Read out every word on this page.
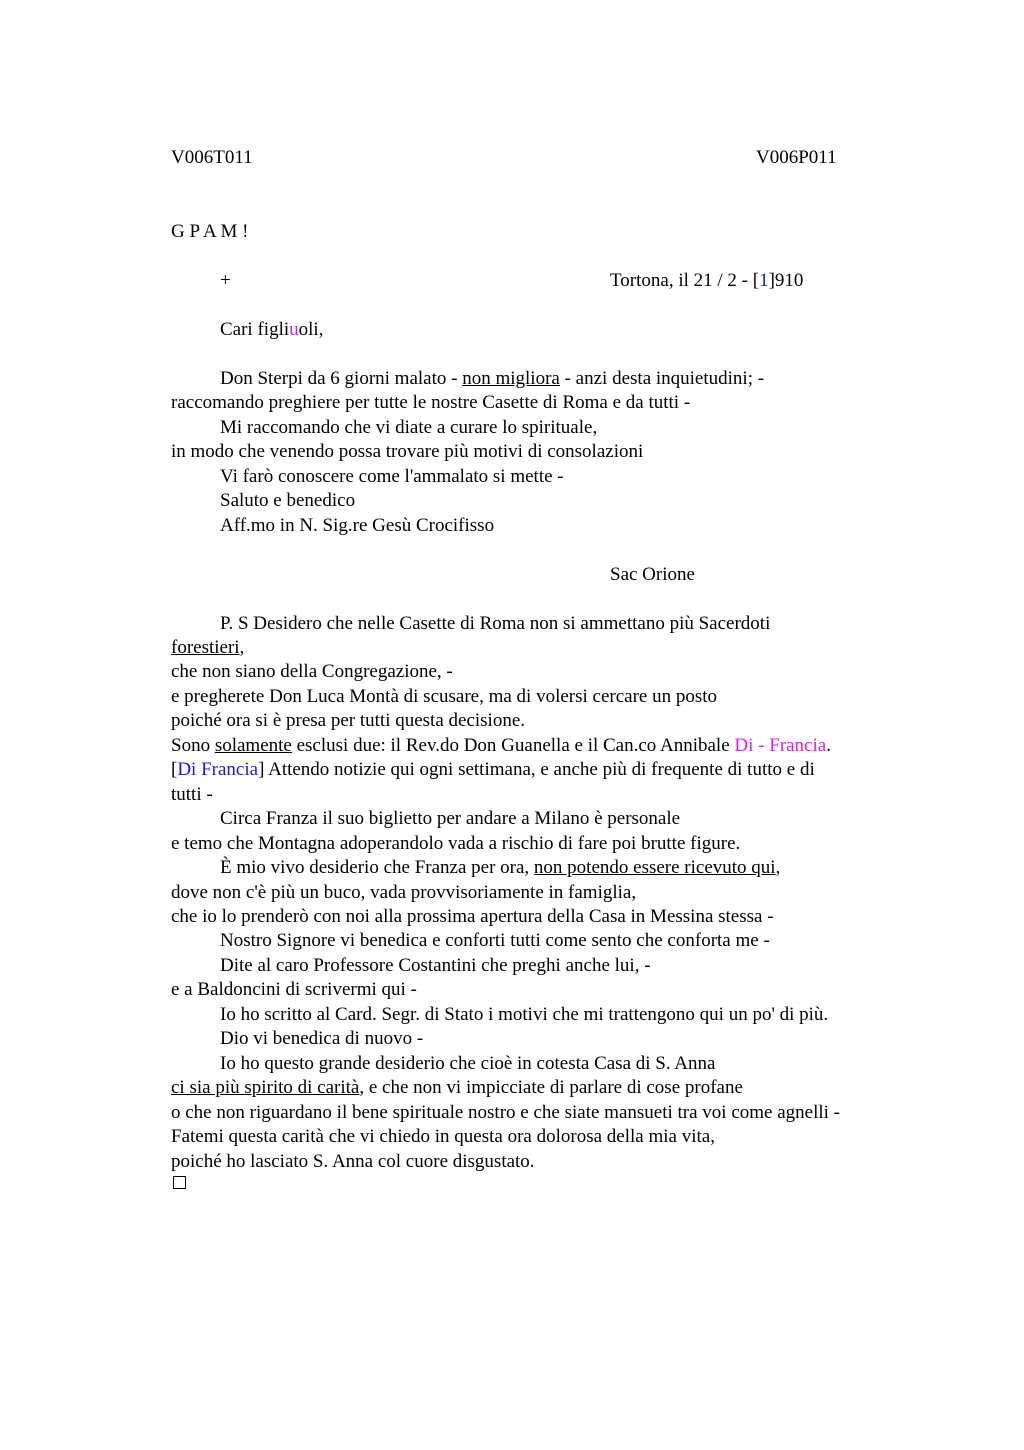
V006T011	V006P011
G P A M !
+	Tortona, il 21 / 2 - [1]910
Cari figliuoli,
Don Sterpi da 6 giorni malato - non migliora - anzi desta inquietudini; -
raccomando preghiere per tutte le nostre Casette di Roma e da tutti -
Mi raccomando che vi diate a curare lo spirituale,
in modo che venendo possa trovare più motivi di consolazioni
Vi farò conoscere come l'ammalato si mette -
Saluto e benedico
Aff.mo in N. Sig.re Gesù Crocifisso
Sac Orione
P. S Desidero che nelle Casette di Roma non si ammettano più Sacerdoti
forestieri,
che non siano della Congregazione, -
e pregherete Don Luca Montà di scusare, ma di volersi cercare un posto
poiché ora si è presa per tutti questa decisione.
Sono solamente esclusi due: il Rev.do Don Guanella e il Can.co Annibale Di - Francia.
[Di Francia] Attendo notizie qui ogni settimana, e anche più di frequente di tutto e di
tutti -
Circa Franza il suo biglietto per andare a Milano è personale
e temo che Montagna adoperandolo vada a rischio di fare poi brutte figure.
È mio vivo desiderio che Franza per ora, non potendo essere ricevuto qui,
dove non c'è più un buco, vada provvisoriamente in famiglia,
che io lo prenderò con noi alla prossima apertura della Casa in Messina stessa -
Nostro Signore vi benedica e conforti tutti come sento che conforta me -
Dite al caro Professore Costantini che preghi anche lui, -
e a Baldoncini di scrivermi qui -
Io ho scritto al Card. Segr. di Stato i motivi che mi trattengono qui un po' di più.
Dio vi benedica di nuovo -
Io ho questo grande desiderio che cioè in cotesta Casa di S. Anna
ci sia più spirito di carità, e che non vi impicciate di parlare di cose profane
o che non riguardano il bene spirituale nostro e che siate mansueti tra voi come agnelli -
Fatemi questa carità che vi chiedo in questa ora dolorosa della mia vita,
poiché ho lasciato S. Anna col cuore disgustato.
